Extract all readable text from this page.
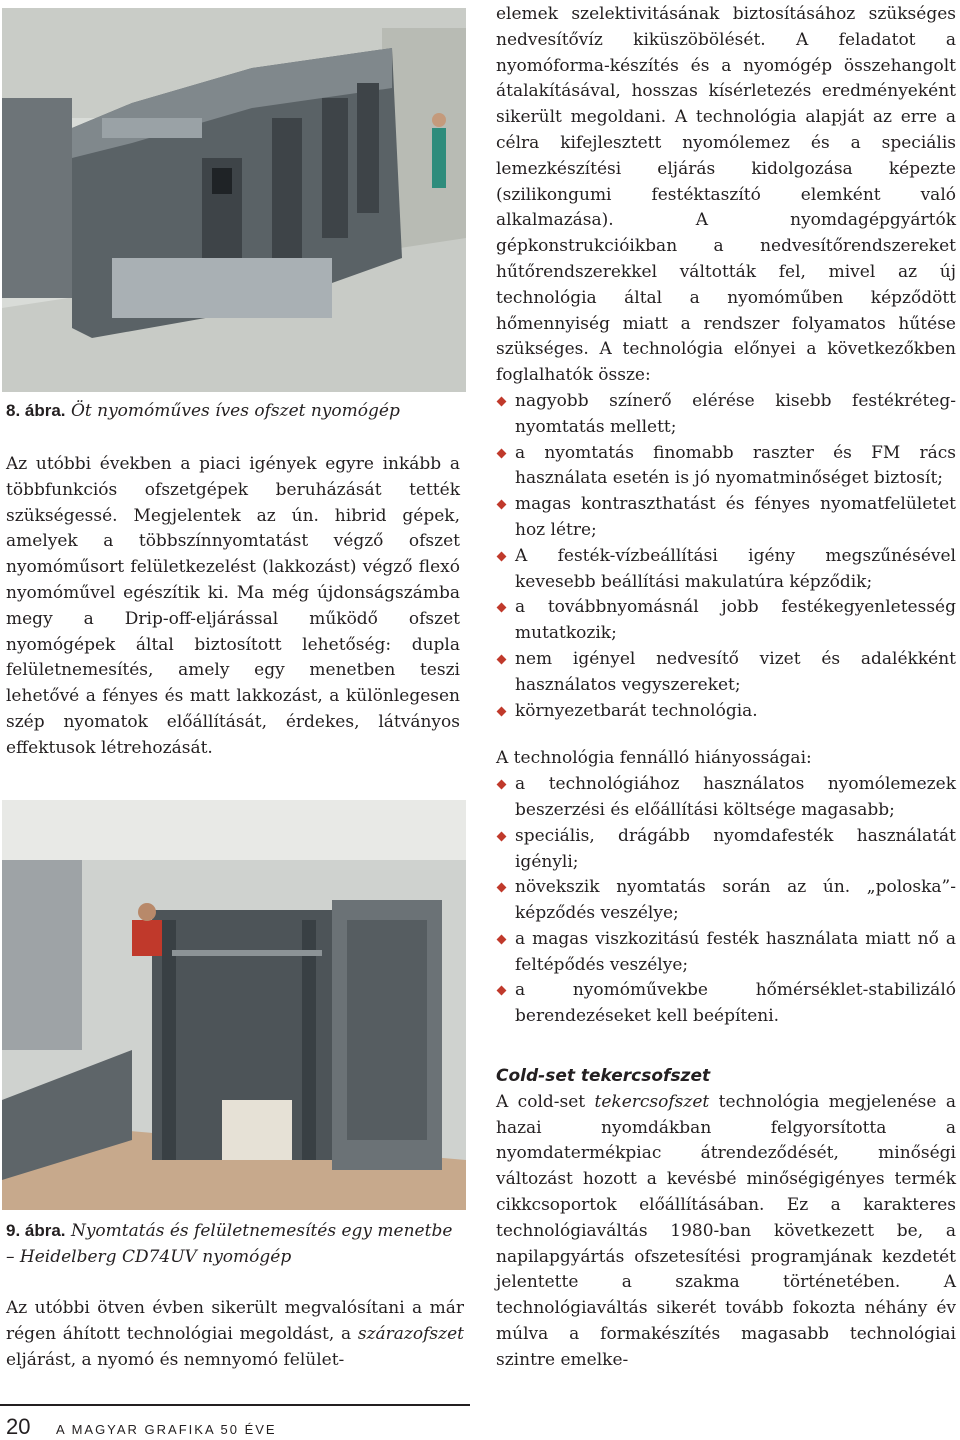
8. ábra. Öt nyomóműves íves ofszet nyomógép

Az utóbbi években a piaci igények egyre inkább a többfunkciós ofszetgépek beruházását tették szükségessé. Megjelentek az ún. hibrid gépek, amelyek a többszínnyomtatást végző ofszet nyomóműsort felületkezelést (lakkozást) végző flexó nyomóművel egészítik ki. Ma még újdonságszámba megy a Drip-off-eljárással működő ofszet nyomógépek által biztosított lehetőség: dupla felületnemesítés, amely egy menetben teszi lehetővé a fényes és matt lakkozást, a különlegesen szép nyomatok előállítását, érdekes, látványos effektusok létrehozását.

9. ábra. Nyomtatás és felületnemesítés egy menetbe
– Heidelberg CD74UV nyomógép

Az utóbbi ötven évben sikerült megvalósítani a már régen áhított technológiai megoldást, a szárazofszet eljárást, a nyomó és nemnyomó felület-

elemek szelektivitásának biztosításához szükséges nedvesítővíz kiküszöbölését. A feladatot a nyomóforma-készítés és a nyomógép összehangolt átalakításával, hosszas kísérletezés eredményeként sikerült megoldani. A technológia alapját az erre a célra kifejlesztett nyomólemez és a speciális lemezkészítési eljárás kidolgozása képezte (szilikongumi festéktaszító elemként való alkalmazása). A nyomdagépgyártók gépkonstrukcióikban a nedvesítőrendszereket hűtőrendszerekkel váltották fel, mivel az új technológia által a nyomóműben képződött hőmennyiség miatt a rendszer folyamatos hűtése szükséges. A technológia előnyei a következőkben foglalhatók össze:

nagyobb színerő elérése kisebb festékréteg-nyomtatás mellett;
a nyomtatás finomabb raszter és FM rács használata esetén is jó nyomatminőséget biztosít;
magas kontraszthatást és fényes nyomatfelületet hoz létre;
A festék-vízbeállítási igény megszűnésével kevesebb beállítási makulatúra képződik;
a továbbnyomásnál jobb festékegyenletesség mutatkozik;
nem igényel nedvesítő vizet és adalékként használatos vegyszereket;
környezetbarát technológia.

A technológia fennálló hiányosságai:

a technológiához használatos nyomólemezek beszerzési és előállítási költsége magasabb;
speciális, drágább nyomdafesték használatát igényli;
növekszik nyomtatás során az ún. „poloska”-képződés veszélye;
a magas viszkozitású festék használata miatt nő a feltépődés veszélye;
a nyomóművekbe hőmérséklet-stabilizáló berendezéseket kell beépíteni.

Cold-set tekercsofszet

A cold-set tekercsofszet technológia megjelenése a hazai nyomdákban felgyorsította a nyomdatermékpiac átrendeződését, minőségi változást hozott a kevésbé minőségigényes termék cikkcsoportok előállításában. Ez a karakteres technológiaváltás 1980-ban következett be, a napilapgyártás ofszetesítési programjának kezdetét jelentette a szakma történetében. A technológiaváltás sikerét tovább fokozta néhány év múlva a formakészítés magasabb technológiai szintre emelke-

20 A MAGYAR GRAFIKA 50 ÉVE
